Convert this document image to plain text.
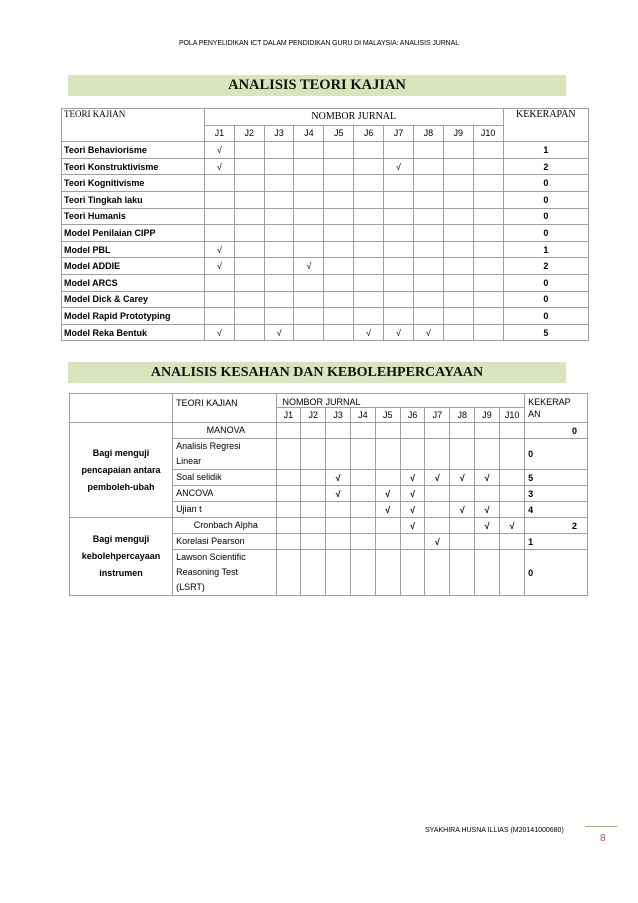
POLA PENYELIDIKAN ICT DALAM PENDIDIKAN GURU DI MALAYSIA: ANALISIS JURNAL
ANALISIS TEORI KAJIAN
TEORI KAJIAN	NOMBOR JURNAL										KEKERAPAN
	J1	J2	J3	J4	J5	J6	J7	J8	J9	J10	
Teori Behaviorisme	√										1
Teori Konstruktivisme	√						√				2
Teori Kognitivisme											0
Teori Tingkah laku											0
Teori Humanis											0
Model Penilaian CIPP											0
Model PBL	√										1
Model ADDIE	√			√							2
Model ARCS											0
Model Dick & Carey											0
Model Rapid Prototyping											0
Model Reka Bentuk	√		√			√	√	√			5
ANALISIS KESAHAN DAN KEBOLEHPERCAYAAN
	TEORI KAJIAN	NOMBOR JURNAL										KEKERAP
AN

		J1	J2	J3	J4	J5	J6	J7	J8	J9	J10	

Bagi menguji
pencapaian antara
pemboleh-ubah	MANOVA											0

	Analisis Regresi
Linear											0

	Soal selidik			√			√	√	√	√		5

	ANCOVA			√		√	√					3

	Ujian t					√	√		√	√		4

Bagi menguji
kebolehpercayaan
instrumen	Cronbach Alpha						√			√	√	2

	Korelasi Pearson							√				1

	Lawson Scientific
Reasoning Test
(LSRT)											0
SYAKHIRA HUSNA ILLIAS (M20141000680)
8
